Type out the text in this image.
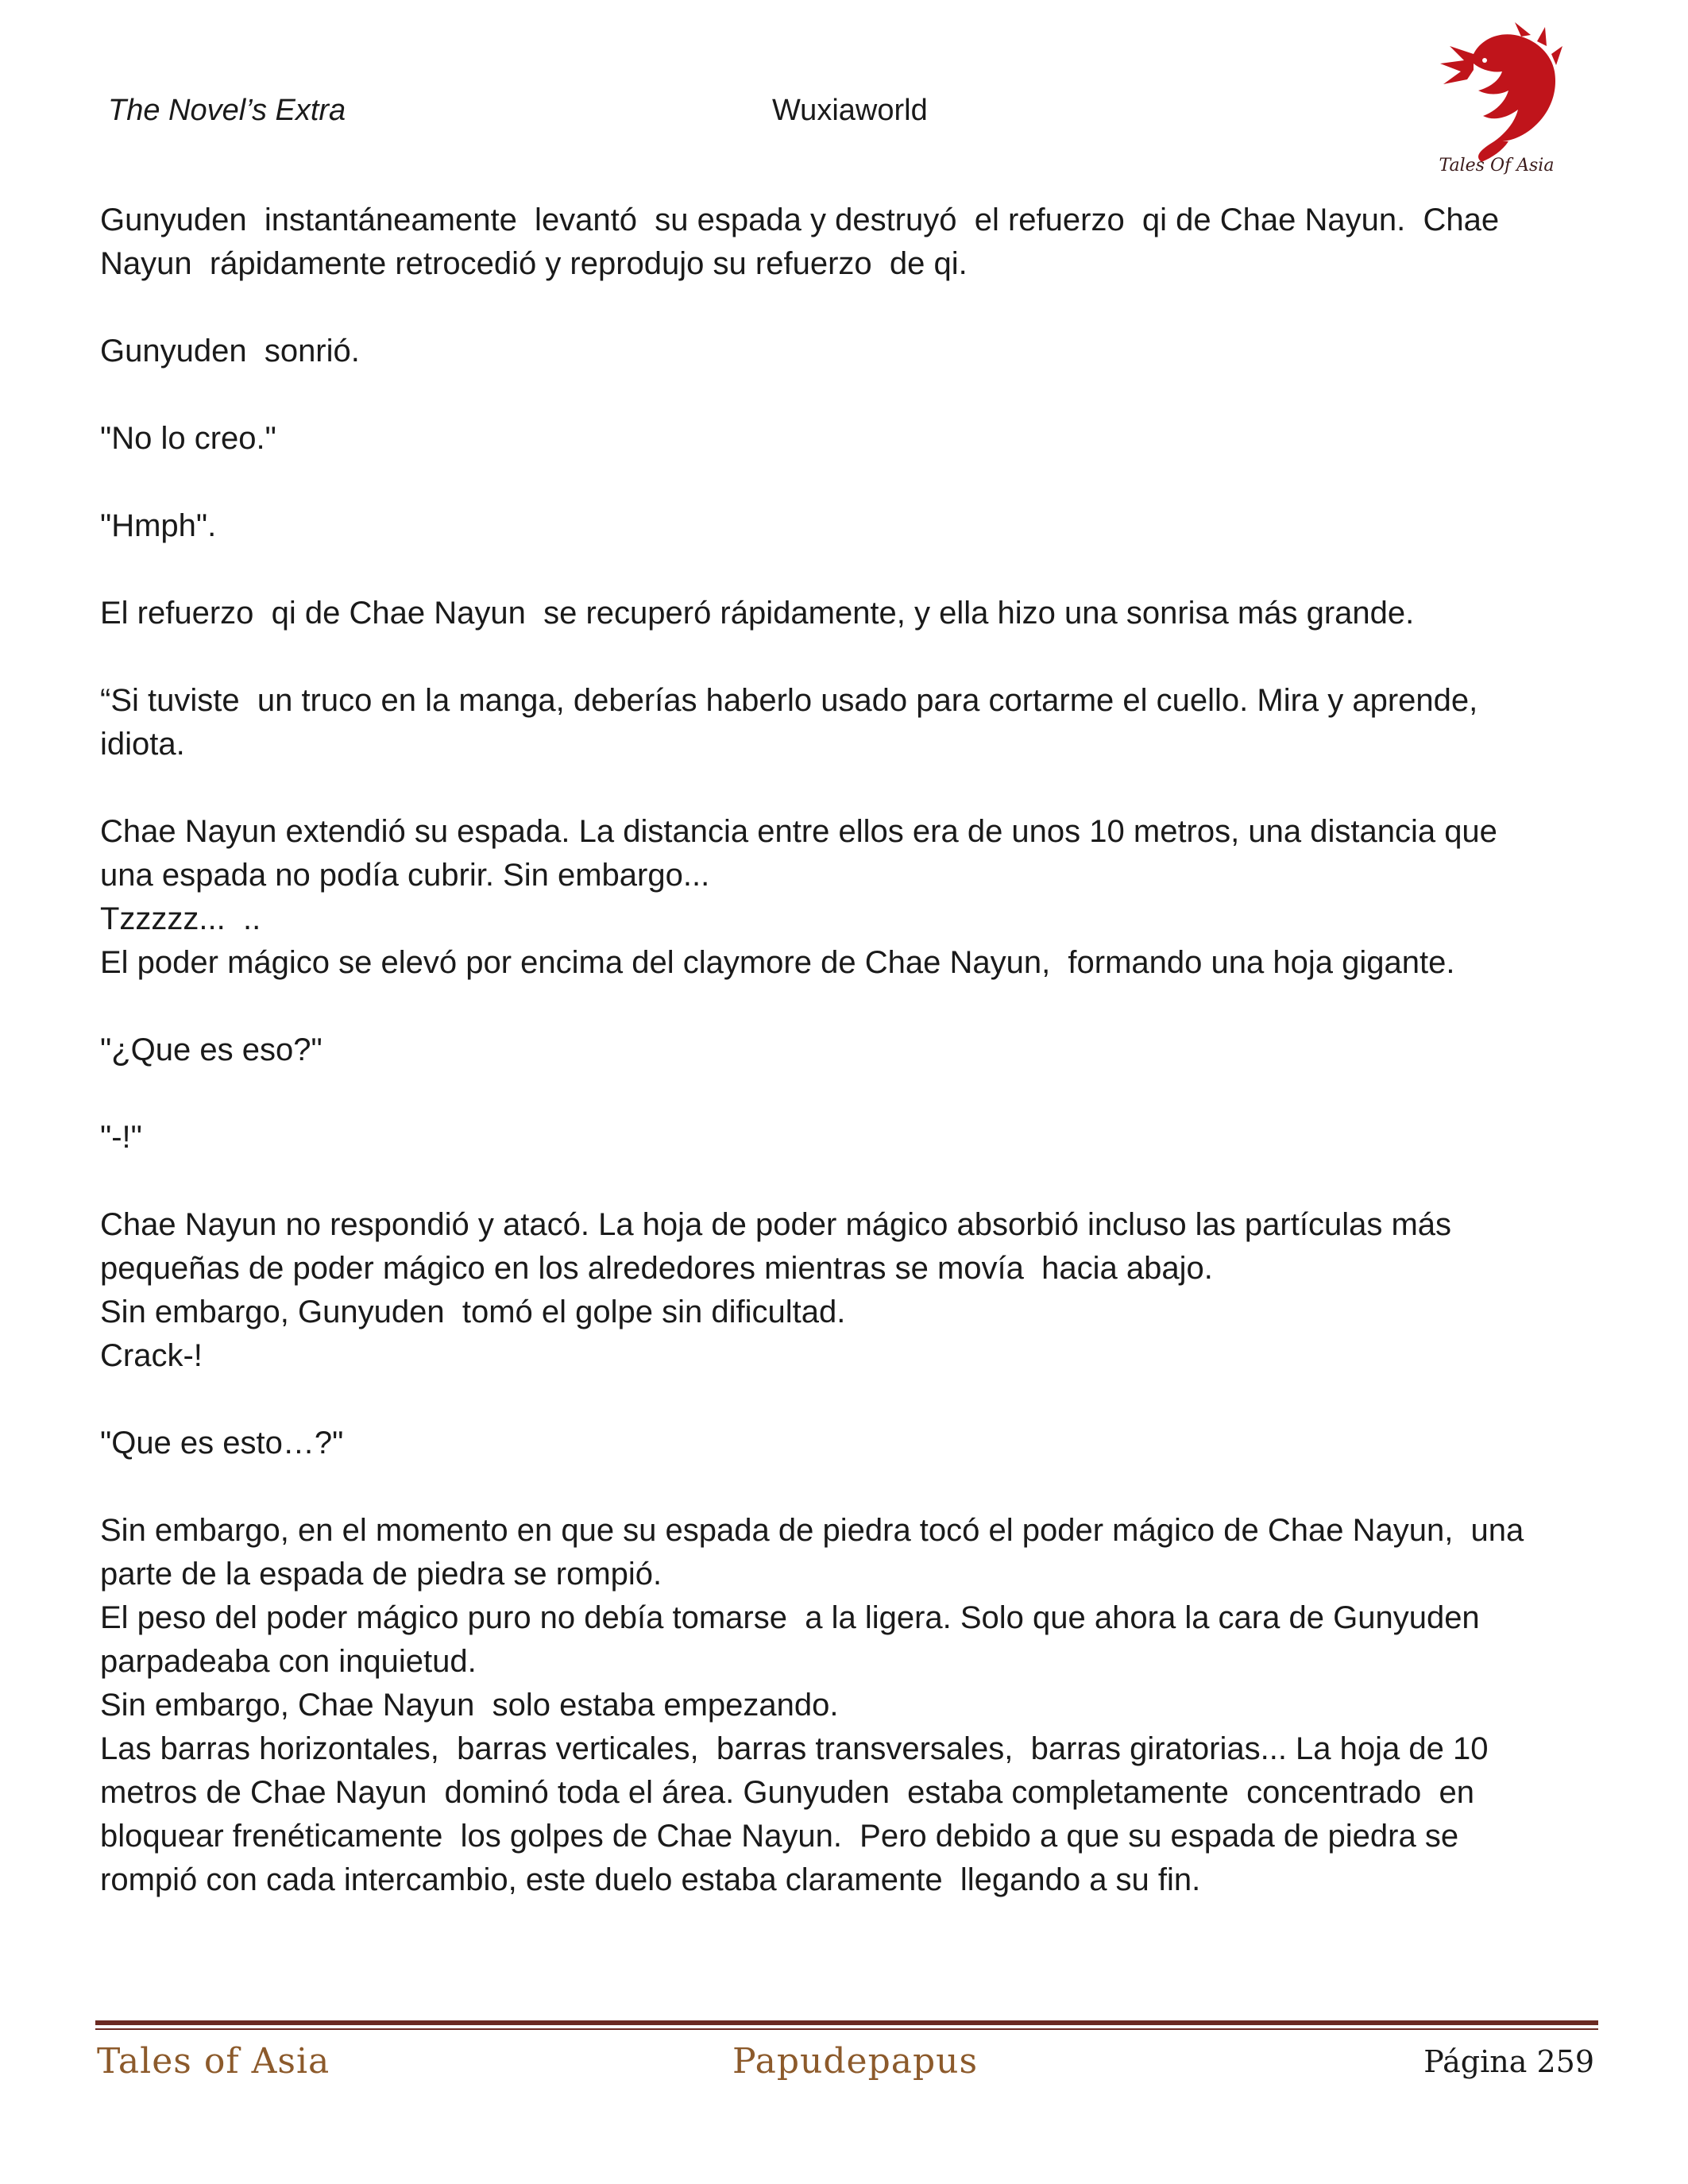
The Novel’s Extra	Wuxiaworld
Tales Of Asia

Gunyuden  instantáneamente  levantó  su espada y destruyó  el refuerzo  qi de Chae Nayun.  Chae
Nayun  rápidamente retrocedió y reprodujo su refuerzo  de qi.

Gunyuden  sonrió.

"No lo creo."

"Hmph".

El refuerzo  qi de Chae Nayun  se recuperó rápidamente, y ella hizo una sonrisa más grande.

“Si tuviste  un truco en la manga, deberías haberlo usado para cortarme el cuello. Mira y aprende,
idiota.

Chae Nayun extendió su espada. La distancia entre ellos era de unos 10 metros, una distancia que
una espada no podía cubrir. Sin embargo...
Tzzzzz...  ..
El poder mágico se elevó por encima del claymore de Chae Nayun,  formando una hoja gigante.

"¿Que es eso?"

"-!"

Chae Nayun no respondió y atacó. La hoja de poder mágico absorbió incluso las partículas más
pequeñas de poder mágico en los alrededores mientras se movía  hacia abajo.
Sin embargo, Gunyuden  tomó el golpe sin dificultad.
Crack-!

"Que es esto…?"

Sin embargo, en el momento en que su espada de piedra tocó el poder mágico de Chae Nayun,  una
parte de la espada de piedra se rompió.
El peso del poder mágico puro no debía tomarse  a la ligera. Solo que ahora la cara de Gunyuden
parpadeaba con inquietud.
Sin embargo, Chae Nayun  solo estaba empezando.
Las barras horizontales,  barras verticales,  barras transversales,  barras giratorias... La hoja de 10
metros de Chae Nayun  dominó toda el área. Gunyuden  estaba completamente  concentrado  en
bloquear frenéticamente  los golpes de Chae Nayun.  Pero debido a que su espada de piedra se
rompió con cada intercambio, este duelo estaba claramente  llegando a su fin.

Tales of Asia	Papudepapus	Página 259
